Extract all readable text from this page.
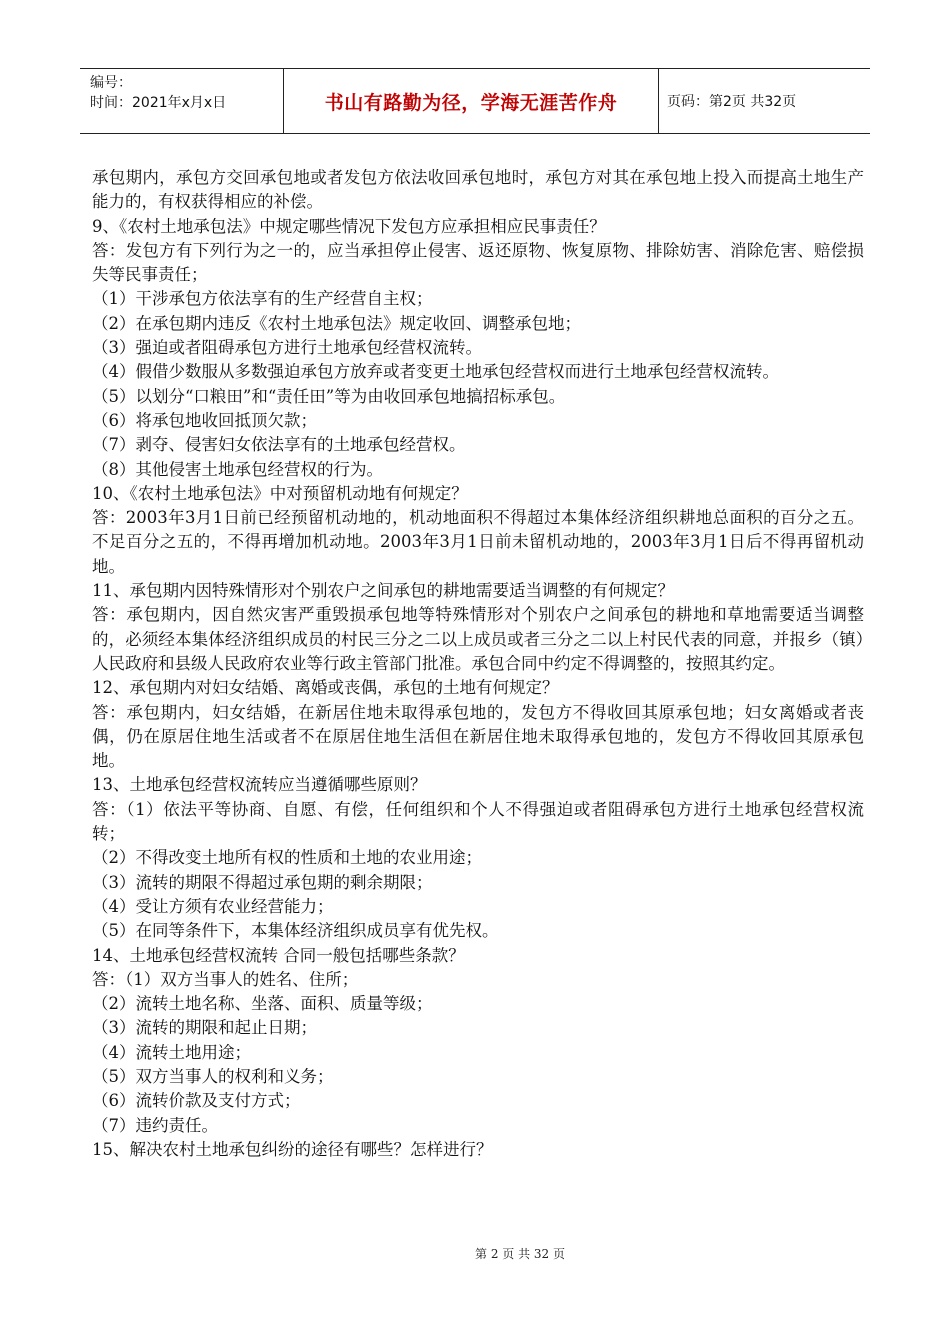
编号：
时间：2021年x月x日	书山有路勤为径，学海无涯苦作舟	页码：第2页 共32页

承包期内，承包方交回承包地或者发包方依法收回承包地时，承包方对其在承包地上投入而提高土地生产能力的，有权获得相应的补偿。

9、《农村土地承包法》中规定哪些情况下发包方应承担相应民事责任？

答：发包方有下列行为之一的，应当承担停止侵害、返还原物、恢复原物、排除妨害、消除危害、赔偿损失等民事责任；

（1）干涉承包方依法享有的生产经营自主权；

（2）在承包期内违反《农村土地承包法》规定收回、调整承包地；

（3）强迫或者阻碍承包方进行土地承包经营权流转。

（4）假借少数服从多数强迫承包方放弃或者变更土地承包经营权而进行土地承包经营权流转。

（5）以划分“口粮田”和“责任田”等为由收回承包地搞招标承包。

（6）将承包地收回抵顶欠款；

（7）剥夺、侵害妇女依法享有的土地承包经营权。

（8）其他侵害土地承包经营权的行为。

10、《农村土地承包法》中对预留机动地有何规定？

答：2003年3月1日前已经预留机动地的，机动地面积不得超过本集体经济组织耕地总面积的百分之五。不足百分之五的，不得再增加机动地。2003年3月1日前未留机动地的，2003年3月1日后不得再留机动地。

11、承包期内因特殊情形对个别农户之间承包的耕地需要适当调整的有何规定？

答：承包期内，因自然灾害严重毁损承包地等特殊情形对个别农户之间承包的耕地和草地需要适当调整的，必须经本集体经济组织成员的村民三分之二以上成员或者三分之二以上村民代表的同意，并报乡（镇）人民政府和县级人民政府农业等行政主管部门批准。承包合同中约定不得调整的，按照其约定。

12、承包期内对妇女结婚、离婚或丧偶，承包的土地有何规定？

答：承包期内，妇女结婚，在新居住地未取得承包地的，发包方不得收回其原承包地；妇女离婚或者丧偶，仍在原居住地生活或者不在原居住地生活但在新居住地未取得承包地的，发包方不得收回其原承包地。

13、土地承包经营权流转应当遵循哪些原则？

答：（1）依法平等协商、自愿、有偿，任何组织和个人不得强迫或者阻碍承包方进行土地承包经营权流转；

（2）不得改变土地所有权的性质和土地的农业用途；

（3）流转的期限不得超过承包期的剩余期限；

（4）受让方须有农业经营能力；

（5）在同等条件下，本集体经济组织成员享有优先权。

14、土地承包经营权流转 合同一般包括哪些条款？

答：（1）双方当事人的姓名、住所；

（2）流转土地名称、坐落、面积、质量等级；

（3）流转的期限和起止日期；

（4）流转土地用途；

（5）双方当事人的权利和义务；

（6）流转价款及支付方式；

（7）违约责任。

15、解决农村土地承包纠纷的途径有哪些？怎样进行？

第 2 页 共 32 页
